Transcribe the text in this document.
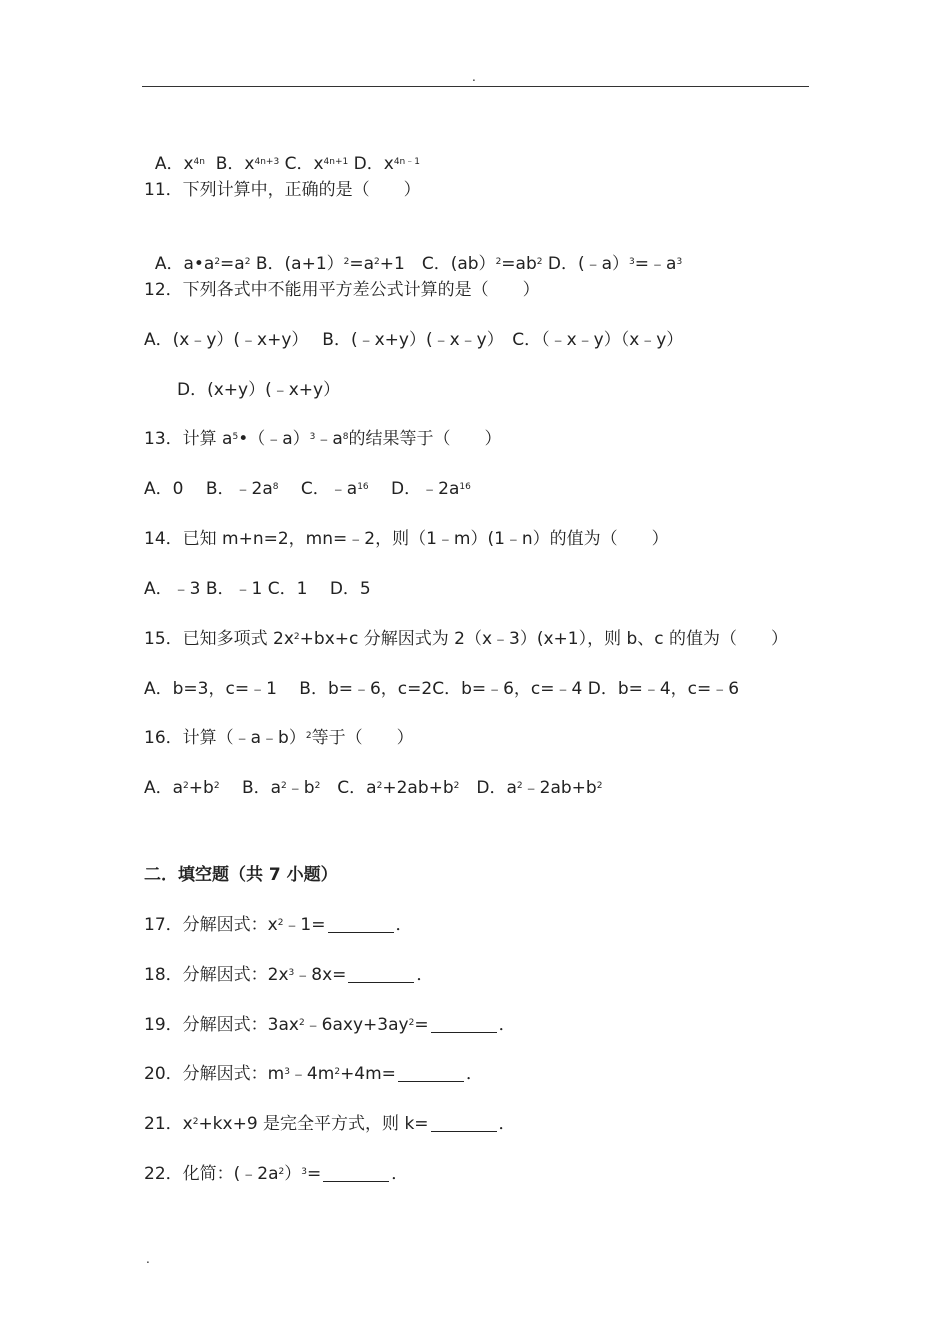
.

A．$x^{4n}$  B．$x^{4n+3}$ C．$x^{4n+1}$ D．$x^{4n﹣1}$

11．下列计算中，正确的是（　　）

A．$a•a^2=a^2$ B．$(a+1)^2=a^2+1$　C．$(ab)^2=ab^2$ D．$(﹣a)^3=﹣a^3$

12．下列各式中不能用平方差公式计算的是（　　）
A．(x﹣y）(﹣x+y）　 B．(﹣x+y）(﹣x﹣y）　C．（﹣x﹣y）（x﹣y）
D．(x+y）(﹣x+y）
13．计算 $a^5•(﹣a)^3﹣a^8$的结果等于（　　）
A．0　 B．$﹣2a^8$　 C．$﹣a^{16}$　 D．$﹣2a^{16}$
14．已知 m+n=2，mn=﹣2，则（1﹣m）(1﹣n）的值为（　　）
A．﹣3 B．﹣1 C．1　 D．5
15．已知多项式 $2x^2+bx+c$ 分解因式为 2（x﹣3）(x+1），则 b、c 的值为（　　）
A．b=3，c=﹣1　 B．b=﹣6，c=2C．b=﹣6，c=﹣4 D．b=﹣4，c=﹣6
16．计算（﹣a﹣b）$^2$等于（　　）
A．$a^2+b^2$　 B．$a^2﹣b^2$　C．$a^2+2ab+b^2$　D．$a^2﹣2ab+b^2$
二．填空题（共 7 小题）
17．分解因式：$x^2﹣1=$	．
18．分解因式：$2x^3﹣8x=$	．
19．分解因式：$3ax^2﹣6axy+3ay^2=$	．
20．分解因式：$m^3﹣4m^2+4m=$	．
21．$x^2+kx+9$ 是完全平方式，则 k=	．
22．化简：$(﹣2a^2)^3=$	．
.
